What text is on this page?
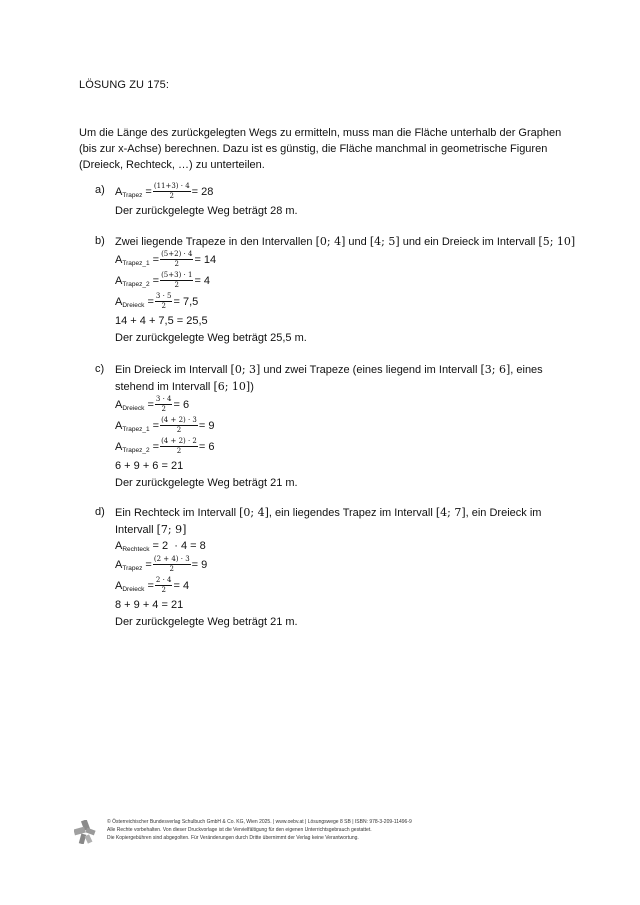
LÖSUNG ZU 175:
Um die Länge des zurückgelegten Wegs zu ermitteln, muss man die Fläche unterhalb der Graphen
(bis zur x-Achse) berechnen. Dazu ist es günstig, die Fläche manchmal in geometrische Figuren
(Dreieck, Rechteck, …) zu unterteilen.
a) $A_{Trapez} = \frac{(11+3) \cdot 4}{2} = 28$
Der zurückgelegte Weg beträgt 28 m.
b) Zwei liegende Trapeze in den Intervallen [0; 4] und [4; 5] und ein Dreieck im Intervall [5; 10]
$A_{Trapez\_1} = \frac{(5+2) \cdot 4}{2} = 14$
$A_{Trapez\_2} = \frac{(5+3) \cdot 1}{2} = 4$
$A_{Dreieck} = \frac{3 \cdot 5}{2} = 7,5$
14 + 4 + 7,5 = 25,5
Der zurückgelegte Weg beträgt 25,5 m.
c) Ein Dreieck im Intervall [0; 3] und zwei Trapeze (eines liegend im Intervall [3; 6], eines
stehend im Intervall [6; 10])
$A_{Dreieck} = \frac{3 \cdot 4}{2} = 6$
$A_{Trapez\_1} = \frac{(4 + 2) \cdot 3}{2} = 9$
$A_{Trapez\_2} = \frac{(4 + 2) \cdot 2}{2} = 6$
6 + 9 + 6 = 21
Der zurückgelegte Weg beträgt 21 m.
d) Ein Rechteck im Intervall [0; 4], ein liegendes Trapez im Intervall [4; 7], ein Dreieck im
Intervall [7; 9]
$A_{Rechteck} = 2 \cdot 4 = 8$
$A_{Trapez} = \frac{(2 + 4) \cdot 3}{2} = 9$
$A_{Dreieck} = \frac{2 \cdot 4}{2} = 4$
8 + 9 + 4 = 21
Der zurückgelegte Weg beträgt 21 m.
© Österreichischer Bundesverlag Schulbuch GmbH & Co. KG, Wien 2025. | www.oebv.at | Lösungswege 8 SB | ISBN: 978-3-209-11496-9
Alle Rechte vorbehalten. Von dieser Druckvorlage ist die Vervielfältigung für den eigenen Unterrichtsgebrauch gestattet.
Die Kopiergebühren sind abgegolten. Für Veränderungen durch Dritte übernimmt der Verlag keine Verantwortung.
